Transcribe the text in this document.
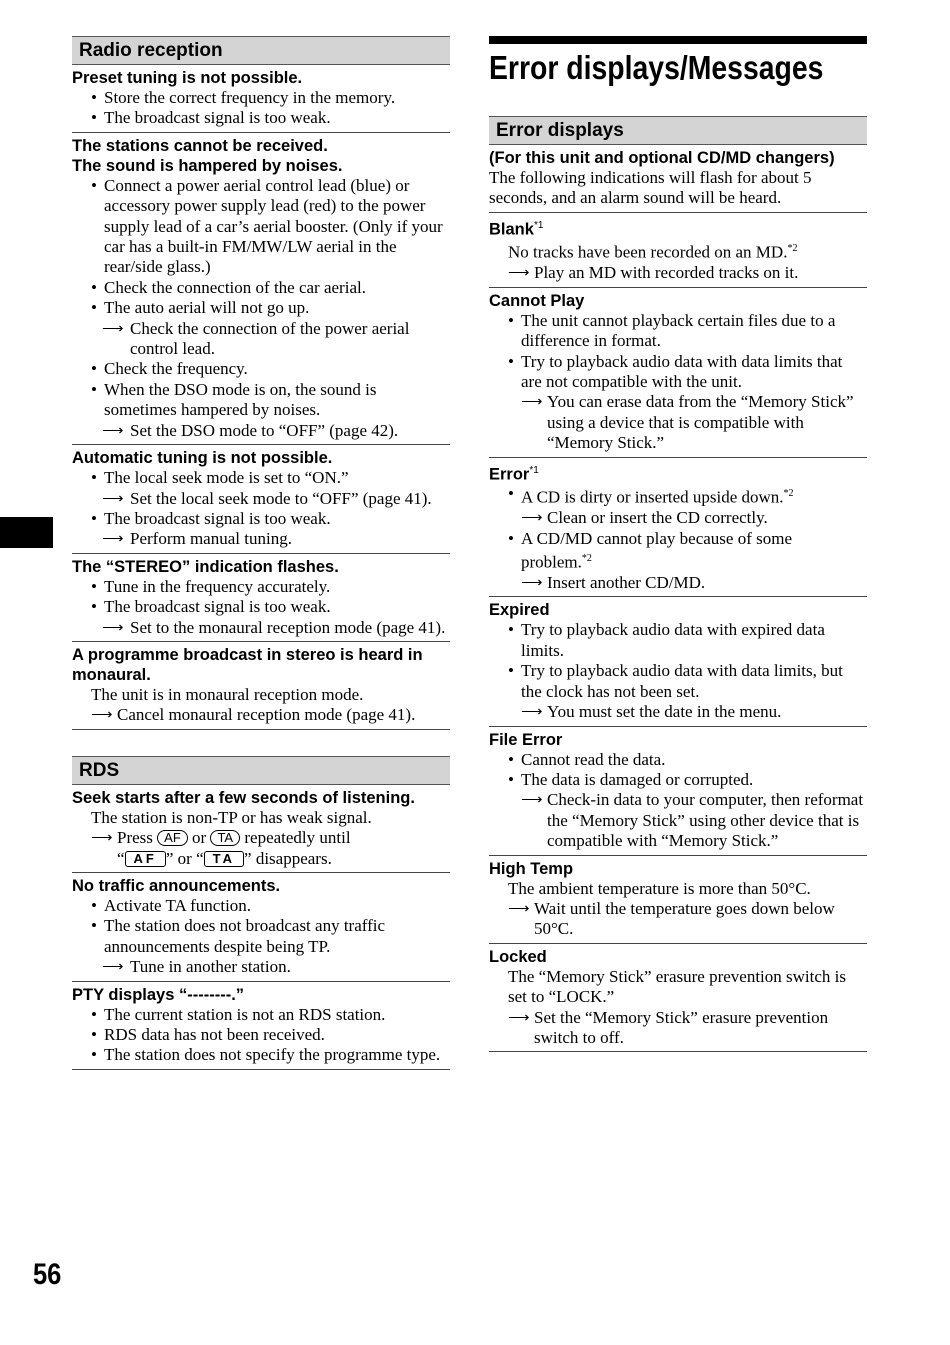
Radio reception
Preset tuning is not possible.
• Store the correct frequency in the memory.
• The broadcast signal is too weak.
The stations cannot be received.
The sound is hampered by noises.
• Connect a power aerial control lead (blue) or accessory power supply lead (red) to the power supply lead of a car’s aerial booster. (Only if your car has a built-in FM/MW/LW aerial in the rear/side glass.)
• Check the connection of the car aerial.
• The auto aerial will not go up.
⟶ Check the connection of the power aerial control lead.
• Check the frequency.
• When the DSO mode is on, the sound is sometimes hampered by noises.
⟶ Set the DSO mode to “OFF” (page 42).
Automatic tuning is not possible.
• The local seek mode is set to “ON.”
⟶ Set the local seek mode to “OFF” (page 41).
• The broadcast signal is too weak.
⟶ Perform manual tuning.
The “STEREO” indication flashes.
• Tune in the frequency accurately.
• The broadcast signal is too weak.
⟶ Set to the monaural reception mode (page 41).
A programme broadcast in stereo is heard in monaural.
The unit is in monaural reception mode.
⟶ Cancel monaural reception mode (page 41).
RDS
Seek starts after a few seconds of listening.
The station is non-TP or has weak signal.
⟶ Press AF or TA repeatedly until
“ AF ” or “ TA ” disappears.
No traffic announcements.
• Activate TA function.
• The station does not broadcast any traffic announcements despite being TP.
⟶ Tune in another station.
PTY displays “--------.”
• The current station is not an RDS station.
• RDS data has not been received.
• The station does not specify the programme type.
Error displays/Messages
Error displays
(For this unit and optional CD/MD changers)
The following indications will flash for about 5 seconds, and an alarm sound will be heard.
Blank$^{*1}$
No tracks have been recorded on an MD.$^{*2}$
⟶ Play an MD with recorded tracks on it.
Cannot Play
• The unit cannot playback certain files due to a difference in format.
• Try to playback audio data with data limits that are not compatible with the unit.
⟶ You can erase data from the “Memory Stick” using a device that is compatible with “Memory Stick.”
Error$^{*1}$
• A CD is dirty or inserted upside down.$^{*2}$
⟶ Clean or insert the CD correctly.
• A CD/MD cannot play because of some problem.$^{*2}$
⟶ Insert another CD/MD.
Expired
• Try to playback audio data with expired data limits.
• Try to playback audio data with data limits, but the clock has not been set.
⟶ You must set the date in the menu.
File Error
• Cannot read the data.
• The data is damaged or corrupted.
⟶ Check-in data to your computer, then reformat the “Memory Stick” using other device that is compatible with “Memory Stick.”
High Temp
The ambient temperature is more than 50°C.
⟶ Wait until the temperature goes down below 50°C.
Locked
The “Memory Stick” erasure prevention switch is set to “LOCK.”
⟶ Set the “Memory Stick” erasure prevention switch to off.
56
